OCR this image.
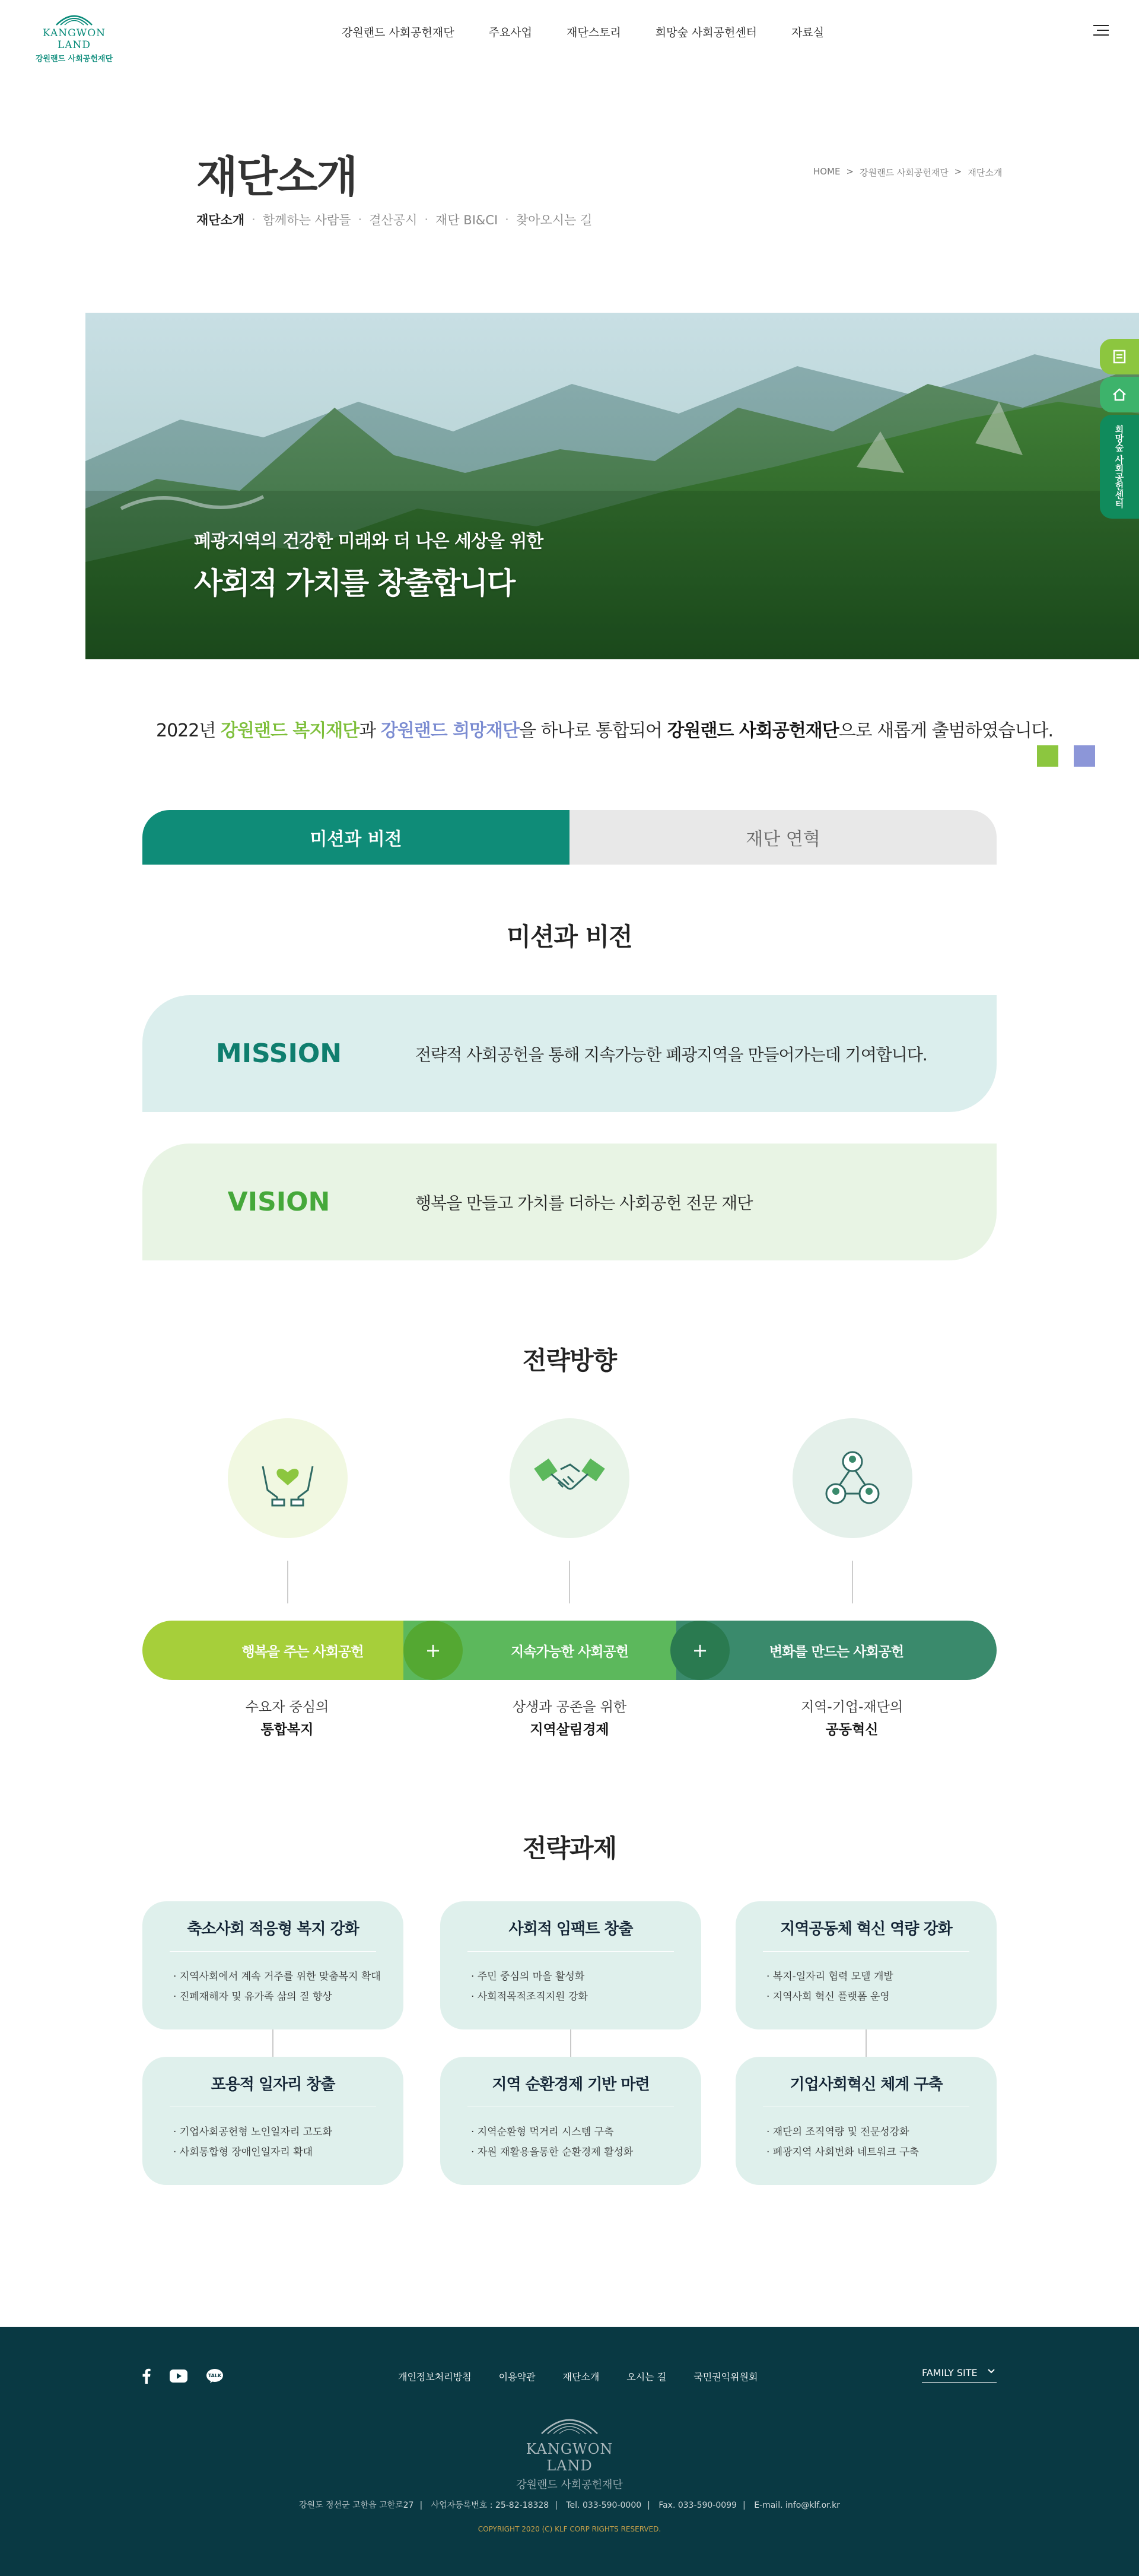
KANGWON LAND
강원랜드 사회공헌재단
강원랜드 사회공헌재단	주요사업	재단스토리	희망숲 사회공헌센터	자료실
재단소개	HOME > 강원랜드 사회공헌재단 > 재단소개
재단소개 · 함께하는 사람들 · 결산공시 · 재단 BI&CI · 찾아오시는 길
폐광지역의 건강한 미래와 더 나은 세상을 위한
사회적 가치를 창출합니다
희망숲 사회공헌센터

2022년 강원랜드 복지재단과 강원랜드 희망재단을 하나로 통합되어 강원랜드 사회공헌재단으로 새롭게 출범하였습니다.

미션과 비전	재단 연혁
미션과 비전
MISSION	전략적 사회공헌을 통해 지속가능한 폐광지역을 만들어가는데 기여합니다.
VISION	행복을 만들고 가치를 더하는 사회공헌 전문 재단
전략방향
행복을 주는 사회공헌	지속가능한 사회공헌	변화를 만드는 사회공헌
+	+
수요자 중심의
통합복지
상생과 공존을 위한
지역살림경제
지역-기업-재단의
공동혁신
전략과제
축소사회 적응형 복지 강화
· 지역사회에서 계속 거주를 위한 맞춤복지 확대
· 진폐재해자 및 유가족 삶의 질 향상
사회적 임팩트 창출
· 주민 중심의 마을 활성화
· 사회적목적조직지원 강화
지역공동체 혁신 역량 강화
· 복지-일자리 협력 모델 개발
· 지역사회 혁신 플랫폼 운영
포용적 일자리 창출
· 기업사회공헌형 노인일자리 고도화
· 사회통합형 장애인일자리 확대
지역 순환경제 기반 마련
· 지역순환형 먹거리 시스템 구축
· 자원 재활용을통한 순환경제 활성화
기업사회혁신 체계 구축
· 재단의 조직역량 및 전문성강화
· 폐광지역 사회변화 네트워크 구축
TALK	개인정보처리방침	이용약관	재단소개	오시는 길	국민권익위원회	FAMILY SITE
KANGWON LAND
강원랜드 사회공헌재단
강원도 정선군 고한읍 고한로27 | 사업자등록번호 : 25-82-18328 | Tel. 033-590-0000 | Fax. 033-590-0099 | E-mail. info@klf.or.kr
COPYRIGHT 2020 (C) KLF CORP RIGHTS RESERVED.
